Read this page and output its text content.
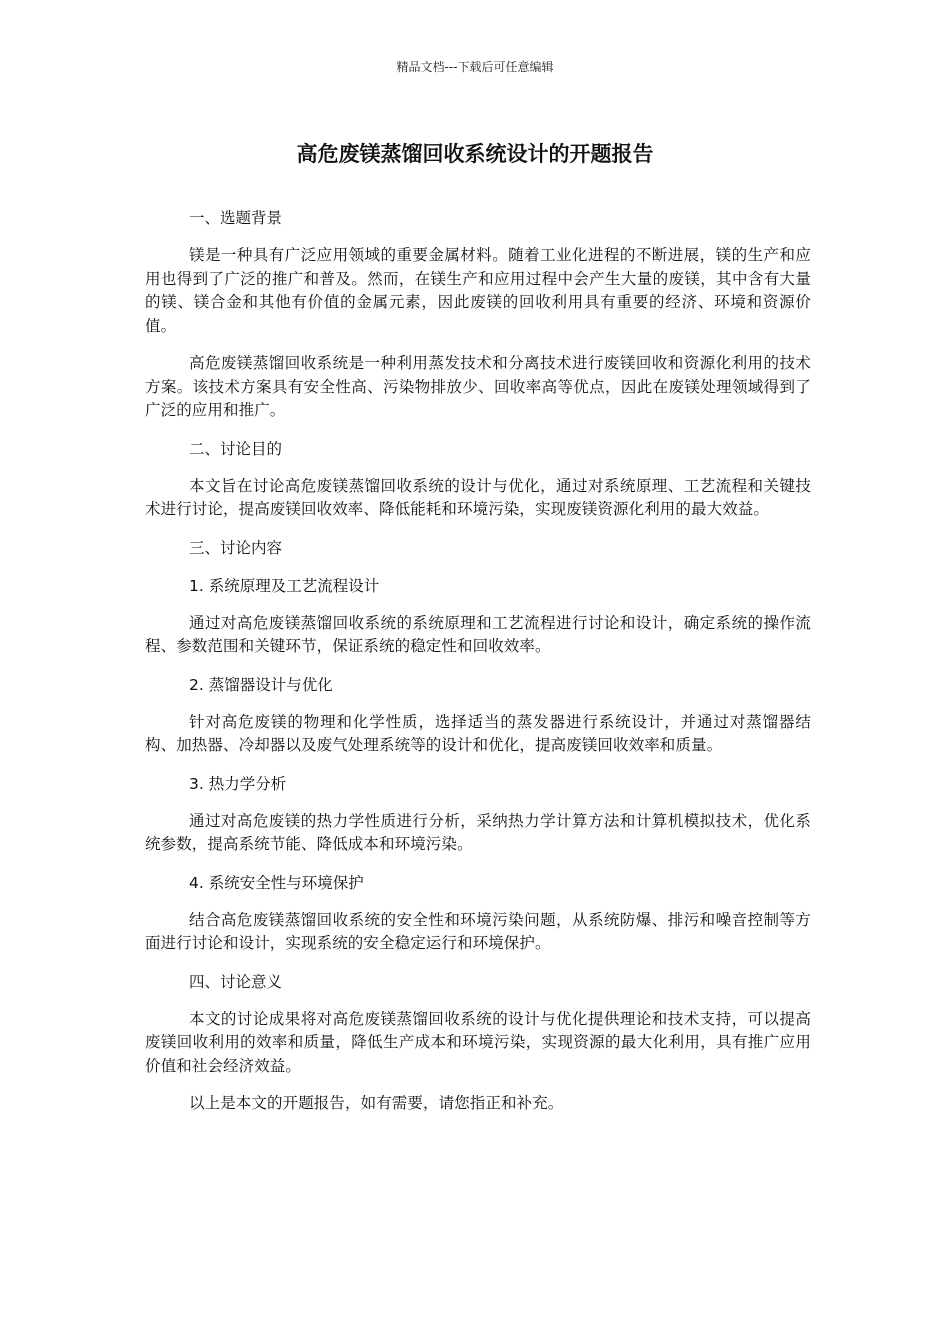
精品文档---下载后可任意编辑
高危废镁蒸馏回收系统设计的开题报告
一、选题背景

镁是一种具有广泛应用领域的重要金属材料。随着工业化进程的不断进展，镁的生产和应用也得到了广泛的推广和普及。然而，在镁生产和应用过程中会产生大量的废镁，其中含有大量的镁、镁合金和其他有价值的金属元素，因此废镁的回收利用具有重要的经济、环境和资源价值。

高危废镁蒸馏回收系统是一种利用蒸发技术和分离技术进行废镁回收和资源化利用的技术方案。该技术方案具有安全性高、污染物排放少、回收率高等优点，因此在废镁处理领域得到了广泛的应用和推广。

二、讨论目的

本文旨在讨论高危废镁蒸馏回收系统的设计与优化，通过对系统原理、工艺流程和关键技术进行讨论，提高废镁回收效率、降低能耗和环境污染，实现废镁资源化利用的最大效益。

三、讨论内容
1. 系统原理及工艺流程设计

通过对高危废镁蒸馏回收系统的系统原理和工艺流程进行讨论和设计，确定系统的操作流程、参数范围和关键环节，保证系统的稳定性和回收效率。

2. 蒸馏器设计与优化

针对高危废镁的物理和化学性质，选择适当的蒸发器进行系统设计，并通过对蒸馏器结构、加热器、冷却器以及废气处理系统等的设计和优化，提高废镁回收效率和质量。

3. 热力学分析

通过对高危废镁的热力学性质进行分析，采纳热力学计算方法和计算机模拟技术，优化系统参数，提高系统节能、降低成本和环境污染。

4. 系统安全性与环境保护

结合高危废镁蒸馏回收系统的安全性和环境污染问题，从系统防爆、排污和噪音控制等方面进行讨论和设计，实现系统的安全稳定运行和环境保护。

四、讨论意义

本文的讨论成果将对高危废镁蒸馏回收系统的设计与优化提供理论和技术支持，可以提高废镁回收利用的效率和质量，降低生产成本和环境污染，实现资源的最大化利用，具有推广应用价值和社会经济效益。

以上是本文的开题报告，如有需要，请您指正和补充。
